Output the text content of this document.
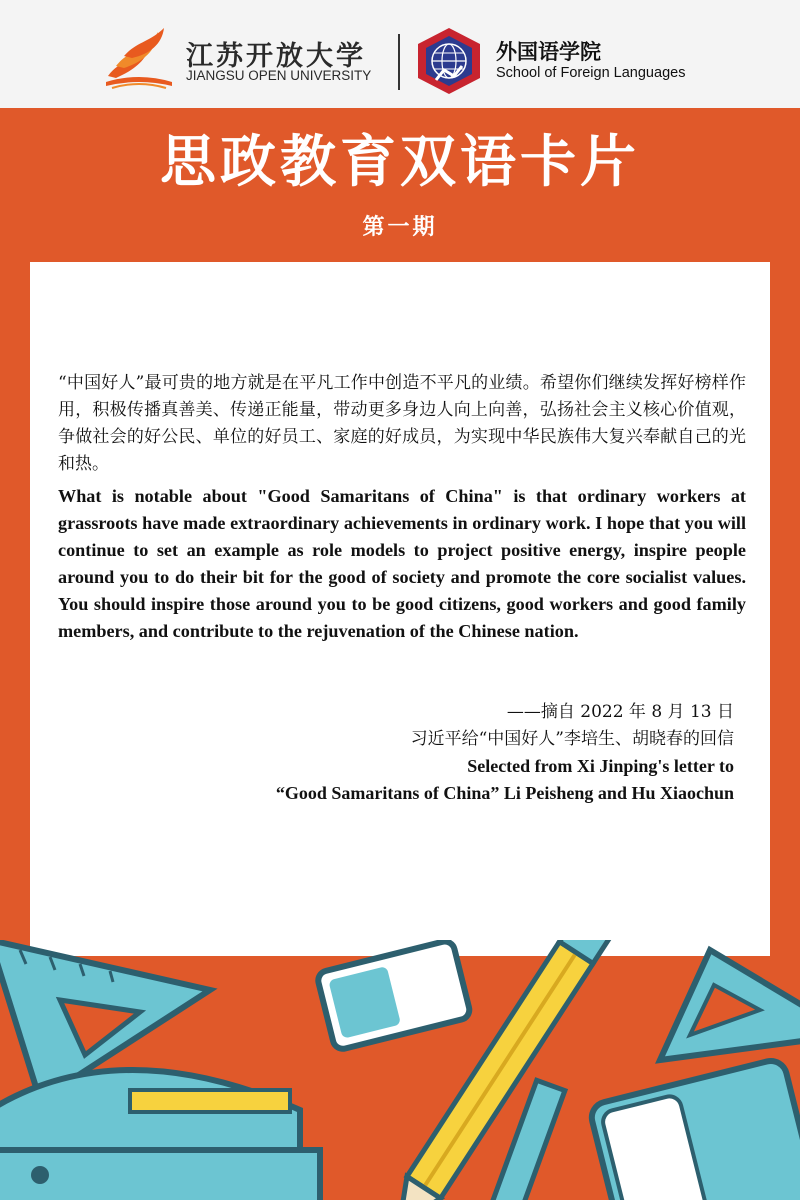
江苏开放大学
JIANGSU OPEN UNIVERSITY
外国语学院
School of Foreign Languages
思政教育双语卡片
第一期
“中国好人”最可贵的地方就是在平凡工作中创造不平凡的业绩。希望你们继续发挥好榜样作用，积极传播真善美、传递正能量，带动更多身边人向上向善，弘扬社会主义核心价值观，争做社会的好公民、单位的好员工、家庭的好成员，为实现中华民族伟大复兴奉献自己的光和热。
What is notable about "Good Samaritans of China" is that ordinary workers at grassroots have made extraordinary achievements in ordinary work. I hope that you will continue to set an example as role models to project positive energy, inspire people around you to do their bit for the good of society and promote the core socialist values. You should inspire those around you to be good citizens, good workers and good family members, and contribute to the rejuvenation of the Chinese nation.
——摘自 2022 年 8 月 13 日
习近平给“中国好人”李培生、胡晓春的回信
Selected from Xi Jinping's letter to
“Good Samaritans of China” Li Peisheng and Hu Xiaochun
